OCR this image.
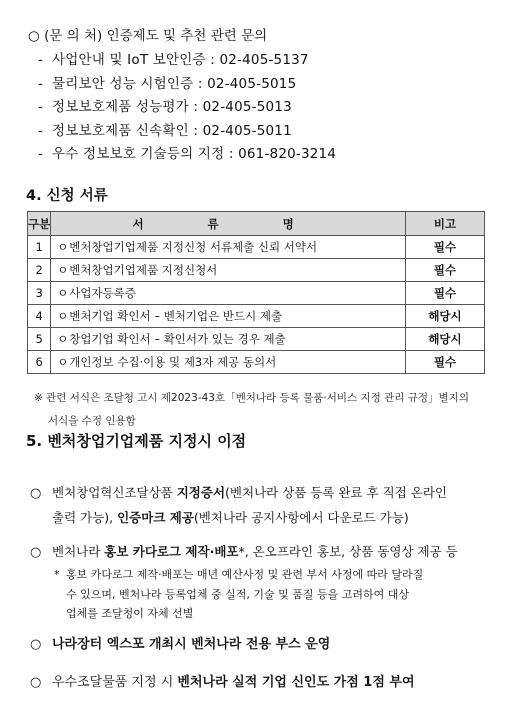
○ (문 의 처) 인증제도 및 추천 관련 문의
- 사업안내 및 IoT 보안인증 : 02-405-5137
- 물리보안 성능 시험인증 : 02-405-5015
- 정보보호제품 성능평가 : 02-405-5013
- 정보보호제품 신속확인 : 02-405-5011
- 우수 정보보호 기술등의 지정 : 061-820-3214
4. 신청 서류
구분	서 류 명	비고
1	ㅇ벤처창업기업제품 지정신청 서류제출 신뢰 서약서	필수
2	ㅇ벤처창업기업제품 지정신청서	필수
3	ㅇ사업자등록증	필수
4	ㅇ벤처기업 확인서 – 벤처기업은 반드시 제출	해당시
5	ㅇ창업기업 확인서 – 확인서가 있는 경우 제출	해당시
6	ㅇ개인정보 수집·이용 및 제3자 제공 동의서	필수
※ 관련 서식은 조달청 고시 제2023-43호「벤처나라 등록 물품·서비스 지정 관리 규정」별지의
서식을 수정 인용함
5. 벤처창업기업제품 지정시 이점
○ 벤처창업혁신조달상품 지정증서(벤처나라 상품 등록 완료 후 직접 온라인
출력 가능), 인증마크 제공(벤처나라 공지사항에서 다운로드 가능)
○ 벤처나라 홍보 카다로그 제작·배포*, 온오프라인 홍보, 상품 동영상 제공 등
* 홍보 카다로그 제작·배포는 매년 예산사정 및 관련 부서 사정에 따라 달라질
수 있으며, 벤처나라 등록업체 중 실적, 기술 및 품질 등을 고려하여 대상
업체를 조달청이 자체 선별
○ 나라장터 엑스포 개최시 벤처나라 전용 부스 운영
○ 우수조달물품 지정 시 벤처나라 실적 기업 신인도 가점 1점 부여
